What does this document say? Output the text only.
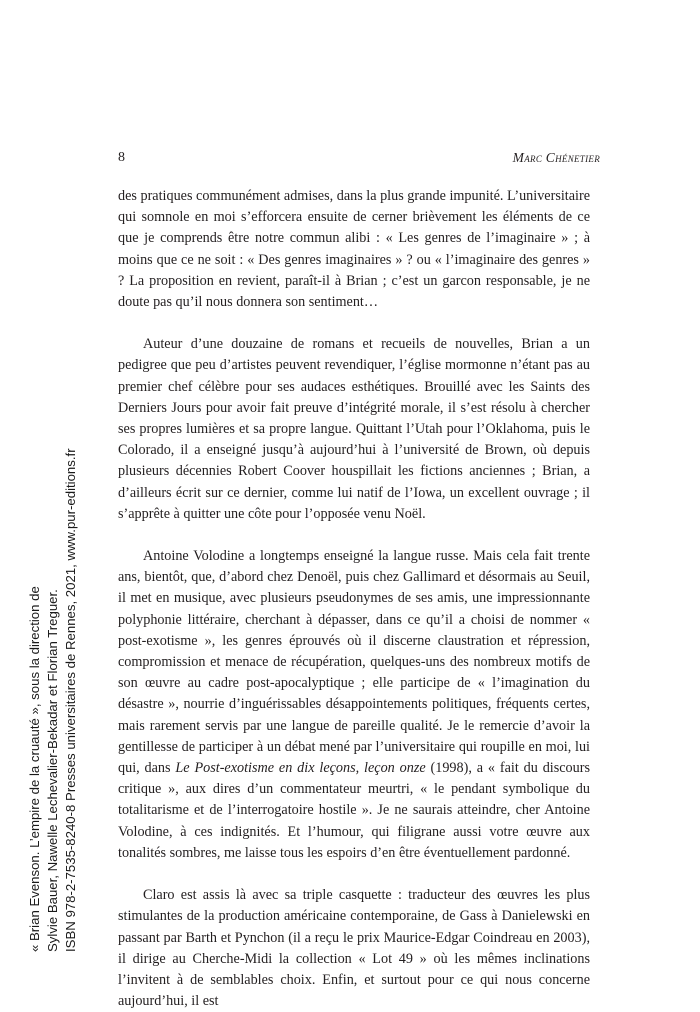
8	Marc Chénetier

des pratiques communément admises, dans la plus grande impunité. L’universitaire qui somnole en moi s’efforcera ensuite de cerner brièvement les éléments de ce que je comprends être notre commun alibi : « Les genres de l’imaginaire » ; à moins que ce ne soit : « Des genres imaginaires » ? ou « l’imaginaire des genres » ? La proposition en revient, paraît-il à Brian ; c’est un garcon responsable, je ne doute pas qu’il nous donnera son sentiment…

Auteur d’une douzaine de romans et recueils de nouvelles, Brian a un pedigree que peu d’artistes peuvent revendiquer, l’église mormonne n’étant pas au premier chef célèbre pour ses audaces esthétiques. Brouillé avec les Saints des Derniers Jours pour avoir fait preuve d’intégrité morale, il s’est résolu à chercher ses propres lumières et sa propre langue. Quittant l’Utah pour l’Oklahoma, puis le Colorado, il a enseigné jusqu’à aujourd’hui à l’université de Brown, où depuis plusieurs décennies Robert Coover houspillait les fictions anciennes ; Brian, a d’ailleurs écrit sur ce dernier, comme lui natif de l’Iowa, un excellent ouvrage ; il s’apprête à quitter une côte pour l’opposée venu Noël.

Antoine Volodine a longtemps enseigné la langue russe. Mais cela fait trente ans, bientôt, que, d’abord chez Denoël, puis chez Gallimard et désormais au Seuil, il met en musique, avec plusieurs pseudonymes de ses amis, une impressionnante polyphonie littéraire, cherchant à dépasser, dans ce qu’il a choisi de nommer « post-exotisme », les genres éprouvés où il discerne claustration et répression, compromission et menace de récupération, quelques-uns des nombreux motifs de son œuvre au cadre post-apocalyptique ; elle participe de « l’imagination du désastre », nourrie d’inguérissables désappointements politiques, fréquents certes, mais rarement servis par une langue de pareille qualité. Je le remercie d’avoir la gentillesse de participer à un débat mené par l’universitaire qui roupille en moi, lui qui, dans Le Post-exotisme en dix leçons, leçon onze (1998), a « fait du discours critique », aux dires d’un commentateur meurtri, « le pendant symbolique du totalitarisme et de l’interrogatoire hostile ». Je ne saurais atteindre, cher Antoine Volodine, à ces indignités. Et l’humour, qui filigrane aussi votre œuvre aux tonalités sombres, me laisse tous les espoirs d’en être éventuellement pardonné.

Claro est assis là avec sa triple casquette : traducteur des œuvres les plus stimulantes de la production américaine contemporaine, de Gass à Danielewski en passant par Barth et Pynchon (il a reçu le prix Maurice-Edgar Coindreau en 2003), il dirige au Cherche-Midi la collection « Lot 49 » où les mêmes inclinations l’invitent à de semblables choix. Enfin, et surtout pour ce qui nous concerne aujourd’hui, il est

« Brian Evenson. L’empire de la cruauté », sous la direction de Sylvie Bauer, Nawelle Lechevalier-Bekadar et Florian Treguer. ISBN 978-2-7535-8240-8 Presses universitaires de Rennes, 2021, www.pur-editions.fr
